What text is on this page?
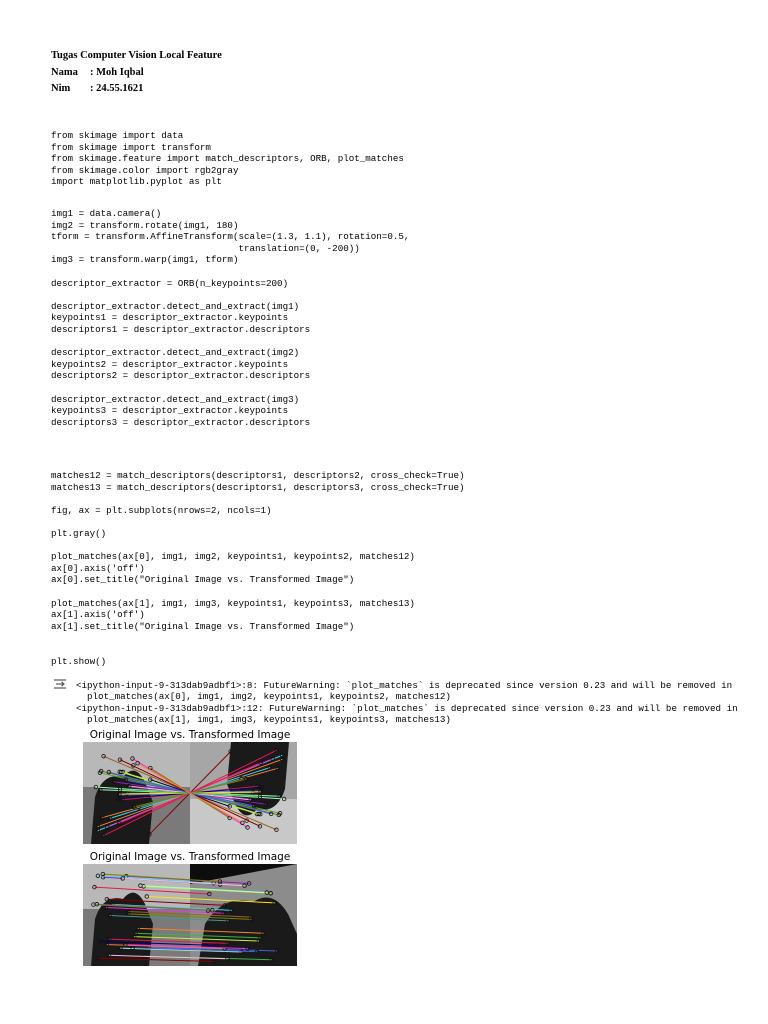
Tugas Computer Vision Local Feature
Nama	: Moh Iqbal
Nim	: 24.55.1621
from skimage import data
from skimage import transform
from skimage.feature import match_descriptors, ORB, plot_matches
from skimage.color import rgb2gray
import matplotlib.pyplot as plt
img1 = data.camera()
img2 = transform.rotate(img1, 180)
tform = transform.AffineTransform(scale=(1.3, 1.1), rotation=0.5,
translation=(0, -200))
img3 = transform.warp(img1, tform)

descriptor_extractor = ORB(n_keypoints=200)

descriptor_extractor.detect_and_extract(img1)
keypoints1 = descriptor_extractor.keypoints
descriptors1 = descriptor_extractor.descriptors

descriptor_extractor.detect_and_extract(img2)
keypoints2 = descriptor_extractor.keypoints
descriptors2 = descriptor_extractor.descriptors

descriptor_extractor.detect_and_extract(img3)
keypoints3 = descriptor_extractor.keypoints
descriptors3 = descriptor_extractor.descriptors
matches12 = match_descriptors(descriptors1, descriptors2, cross_check=True)
matches13 = match_descriptors(descriptors1, descriptors3, cross_check=True)

fig, ax = plt.subplots(nrows=2, ncols=1)

plt.gray()

plot_matches(ax[0], img1, img2, keypoints1, keypoints2, matches12)
ax[0].axis('off')
ax[0].set_title("Original Image vs. Transformed Image")

plot_matches(ax[1], img1, img3, keypoints1, keypoints3, matches13)
ax[1].axis('off')
ax[1].set_title("Original Image vs. Transformed Image")
plt.show()
<ipython-input-9-313dab9adbf1>:8: FutureWarning: `plot_matches` is deprecated since version 0.23 and will be removed in
plot_matches(ax[0], img1, img2, keypoints1, keypoints2, matches12)
<ipython-input-9-313dab9adbf1>:12: FutureWarning: `plot_matches` is deprecated since version 0.23 and will be removed in
plot_matches(ax[1], img1, img3, keypoints1, keypoints3, matches13)
Original Image vs. Transformed Image
Original Image vs. Transformed Image
